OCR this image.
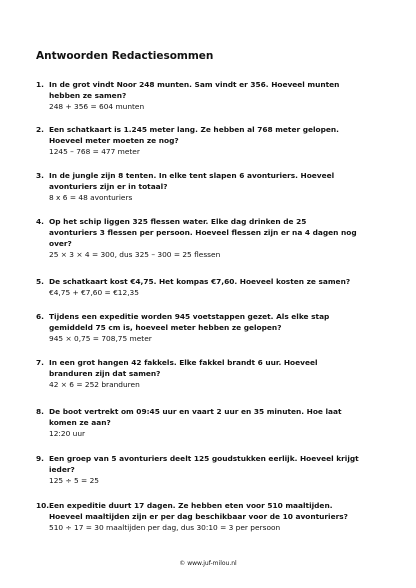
Antwoorden Redactiesommen
1. In de grot vindt Noor 248 munten. Sam vindt er 356. Hoeveel munten
hebben ze samen?
248 + 356 = 604 munten
2. Een schatkaart is 1.245 meter lang. Ze hebben al 768 meter gelopen.
Hoeveel meter moeten ze nog?
1245 – 768 = 477 meter
3. In de jungle zijn 8 tenten. In elke tent slapen 6 avonturiers. Hoeveel
avonturiers zijn er in totaal?
8 x 6 = 48 avonturiers
4. Op het schip liggen 325 flessen water. Elke dag drinken de 25
avonturiers 3 flessen per persoon. Hoeveel flessen zijn er na 4 dagen nog
over?
25 × 3 × 4 = 300, dus 325 – 300 = 25 flessen
5. De schatkaart kost €4,75. Het kompas €7,60. Hoeveel kosten ze samen?
€4,75 + €7,60 = €12,35
6. Tijdens een expeditie worden 945 voetstappen gezet. Als elke stap
gemiddeld 75 cm is, hoeveel meter hebben ze gelopen?
945 × 0,75 = 708,75 meter
7. In een grot hangen 42 fakkels. Elke fakkel brandt 6 uur. Hoeveel
branduren zijn dat samen?
42 × 6 = 252 branduren
8. De boot vertrekt om 09:45 uur en vaart 2 uur en 35 minuten. Hoe laat
komen ze aan?
12:20 uur
9. Een groep van 5 avonturiers deelt 125 goudstukken eerlijk. Hoeveel krijgt
ieder?
125 ÷ 5 = 25
10. Een expeditie duurt 17 dagen. Ze hebben eten voor 510 maaltijden.
Hoeveel maaltijden zijn er per dag beschikbaar voor de 10 avonturiers?
510 ÷ 17 = 30 maaltijden per dag, dus 30:10 = 3 per persoon
© www.juf-milou.nl
